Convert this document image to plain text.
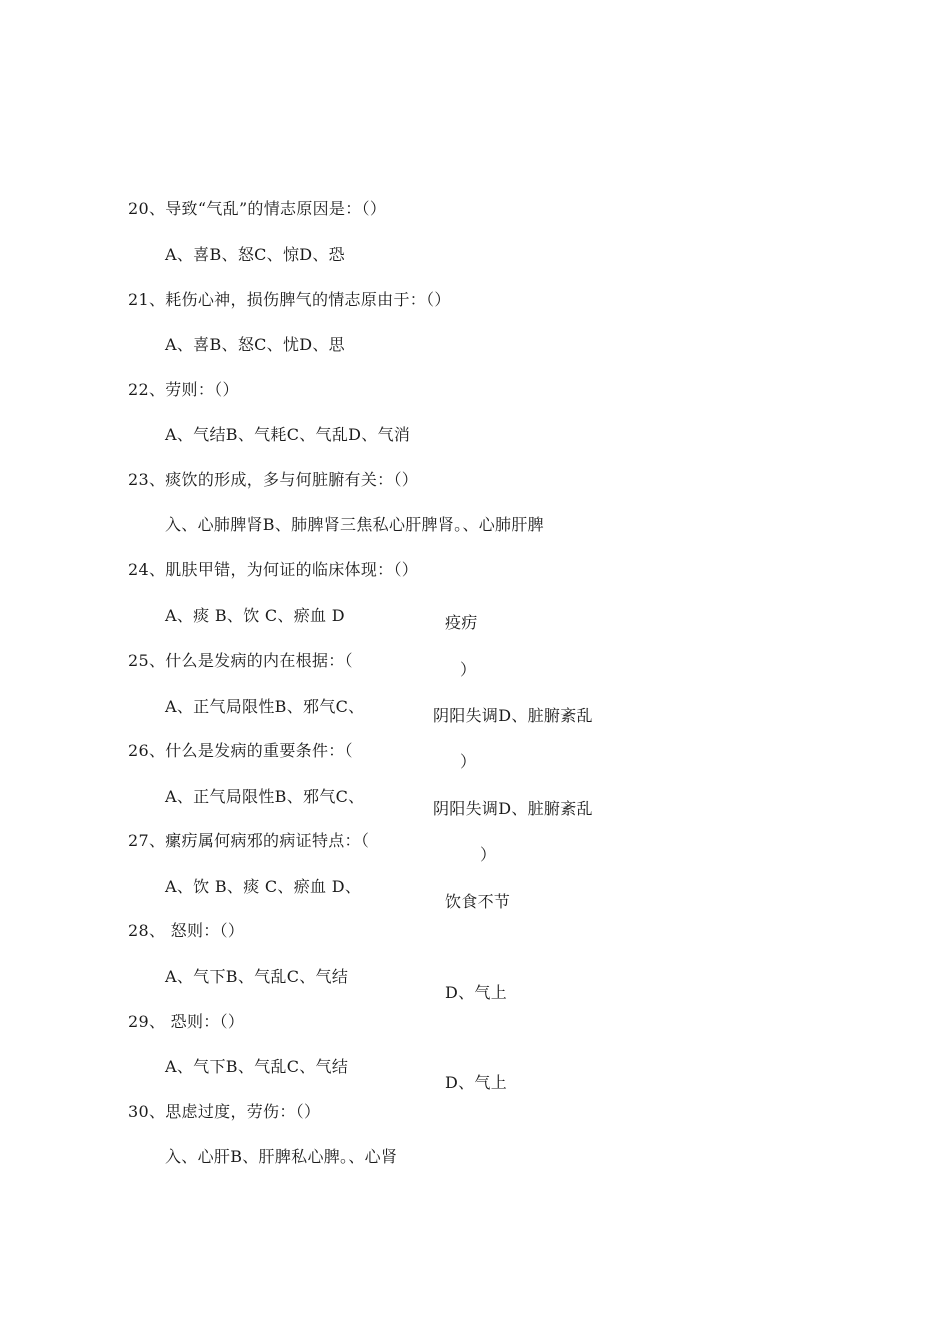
20、导致“气乱”的情志原因是：（）
A、喜B、怒C、惊D、恐
21、耗伤心神，损伤脾气的情志原由于：（）
A、喜B、怒C、忧D、思
22、劳则：（）
A、气结B、气耗C、气乱D、气消
23、痰饮的形成，多与何脏腑有关：（）
入、心肺脾肾B、肺脾肾三焦私心肝脾肾。、心肺肝脾
24、肌肤甲错，为何证的临床体现：（）
A、痰 B、饮 C、瘀血 D	疫疠
25、什么是发病的内在根据：（	）
A、正气局限性B、邪气C、	阴阳失调D、脏腑紊乱
26、什么是发病的重要条件：（
）
A、正气局限性B、邪气C、
阴阳失调D、脏腑紊乱
27、瘰疠属何病邪的病证特点：（
）
A、饮 B、痰 C、瘀血 D、
饮食不节
28、 怒则：（）
A、气下B、气乱C、气结
D、气上
29、 恐则：（）
A、气下B、气乱C、气结
D、气上
30、思虑过度，劳伤：（）
入、心肝B、肝脾私心脾。、心肾
